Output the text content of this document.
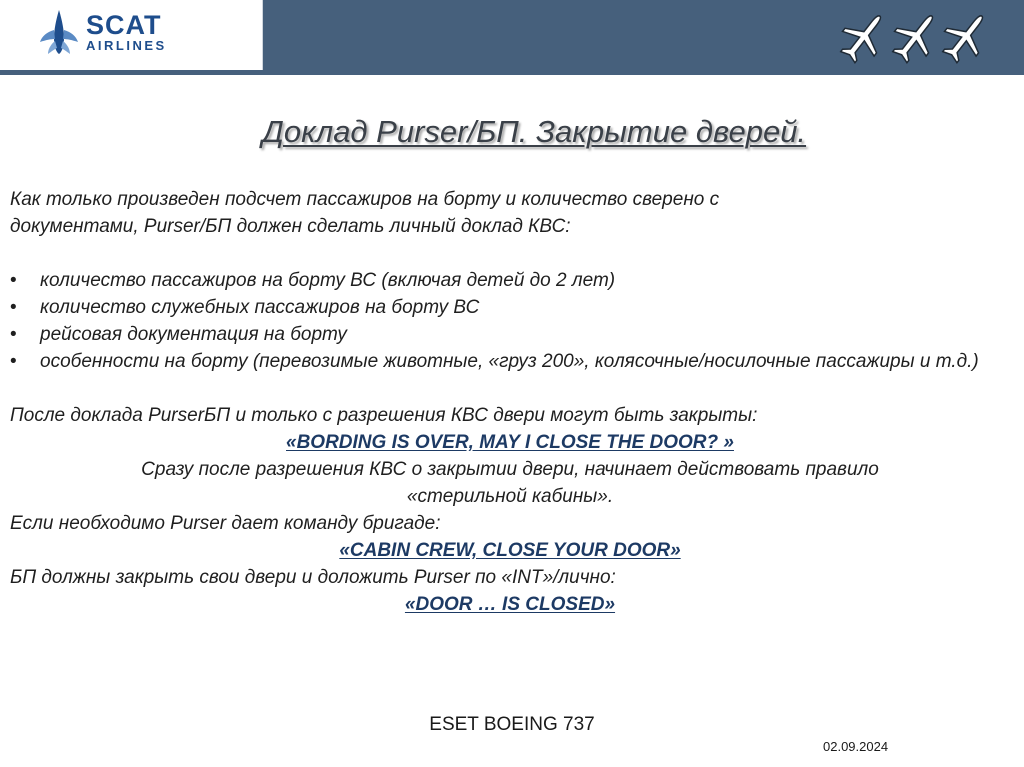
SCAT
AIRLINES
Доклад Purser/БП. Закрытие дверей.

Как только произведен подсчет пассажиров на борту и количество сверено с

документами, Purser/БП должен сделать личный доклад КВС:

• количество пассажиров на борту ВС (включая детей до 2 лет)
• количество служебных пассажиров на борту ВС
• рейсовая документация на борту
• особенности на борту (перевозимые животные, «груз 200», колясочные/носилочные пассажиры и т.д.)

После доклада PurserБП и только с разрешения КВС двери могут быть закрыты:

«BORDING IS OVER, MAY I CLOSE THE DOOR? »

Сразу после разрешения КВС о закрытии двери, начинает действовать правило

«стерильной кабины».

Если необходимо Purser дает команду бригаде:

«CABIN CREW, CLOSE YOUR DOOR»

БП должны закрыть свои двери и доложить Purser по «INT»/лично:

«DOOR … IS CLOSED»

ESET BOEING 737
02.09.2024
